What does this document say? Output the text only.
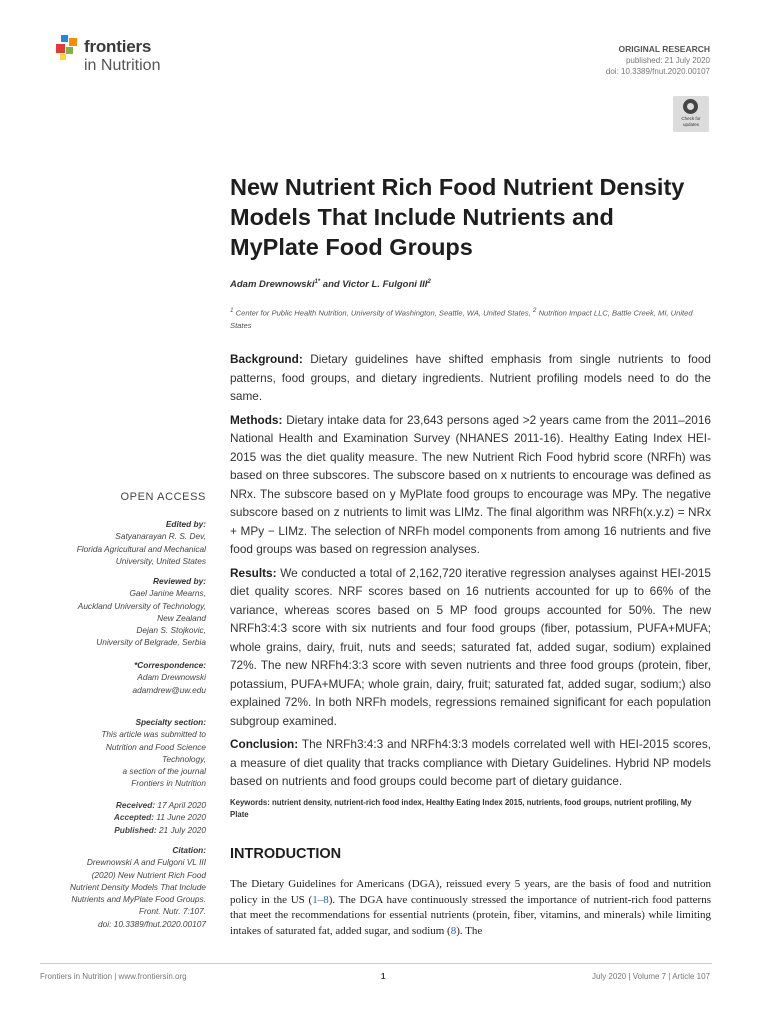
frontiers
in Nutrition
ORIGINAL RESEARCH
published: 21 July 2020
doi: 10.3389/fnut.2020.00107
Check for updates
New Nutrient Rich Food Nutrient Density Models That Include Nutrients and MyPlate Food Groups
Adam Drewnowski$^{1*}$ and Victor L. Fulgoni III$^2$
$^1$ Center for Public Health Nutrition, University of Washington, Seattle, WA, United States, $^2$ Nutrition Impact LLC, Battle Creek, MI, United States

Background: Dietary guidelines have shifted emphasis from single nutrients to food patterns, food groups, and dietary ingredients. Nutrient profiling models need to do the same.

Methods: Dietary intake data for 23,643 persons aged >2 years came from the 2011–2016 National Health and Examination Survey (NHANES 2011-16). Healthy Eating Index HEI-2015 was the diet quality measure. The new Nutrient Rich Food hybrid score (NRFh) was based on three subscores. The subscore based on x nutrients to encourage was defined as NRx. The subscore based on y MyPlate food groups to encourage was MPy. The negative subscore based on z nutrients to limit was LIMz. The final algorithm was NRFh(x.y.z) = NRx + MPy − LIMz. The selection of NRFh model components from among 16 nutrients and five food groups was based on regression analyses.

Results: We conducted a total of 2,162,720 iterative regression analyses against HEI-2015 diet quality scores. NRF scores based on 16 nutrients accounted for up to 66% of the variance, whereas scores based on 5 MP food groups accounted for 50%. The new NRFh3:4:3 score with six nutrients and four food groups (fiber, potassium, PUFA+MUFA; whole grains, dairy, fruit, nuts and seeds; saturated fat, added sugar, sodium) explained 72%. The new NRFh4:3:3 score with seven nutrients and three food groups (protein, fiber, potassium, PUFA+MUFA; whole grain, dairy, fruit; saturated fat, added sugar, sodium;) also explained 72%. In both NRFh models, regressions remained significant for each population subgroup examined.

Conclusion: The NRFh3:4:3 and NRFh4:3:3 models correlated well with HEI-2015 scores, a measure of diet quality that tracks compliance with Dietary Guidelines. Hybrid NP models based on nutrients and food groups could become part of dietary guidance.

Keywords: nutrient density, nutrient-rich food index, Healthy Eating Index 2015, nutrients, food groups, nutrient profiling, My Plate
INTRODUCTION
The Dietary Guidelines for Americans (DGA), reissued every 5 years, are the basis of food and nutrition policy in the US (1–8). The DGA have continuously stressed the importance of nutrient-rich food patterns that meet the recommendations for essential nutrients (protein, fiber, vitamins, and minerals) while limiting intakes of saturated fat, added sugar, and sodium (8). The
OPEN ACCESS
Edited by:
Satyanarayan R. S. Dev,
Florida Agricultural and Mechanical
University, United States
Reviewed by:
Gael Janine Mearns,
Auckland University of Technology,
New Zealand
Dejan S. Stojkovic,
University of Belgrade, Serbia
*Correspondence:
Adam Drewnowski
adamdrew@uw.edu
Specialty section:
This article was submitted to
Nutrition and Food Science
Technology,
a section of the journal
Frontiers in Nutrition
Received: 17 April 2020
Accepted: 11 June 2020
Published: 21 July 2020
Citation:
Drewnowski A and Fulgoni VL III
(2020) New Nutrient Rich Food
Nutrient Density Models That Include
Nutrients and MyPlate Food Groups.
Front. Nutr. 7:107.
doi: 10.3389/fnut.2020.00107
Frontiers in Nutrition | www.frontiersin.org	1	July 2020 | Volume 7 | Article 107
